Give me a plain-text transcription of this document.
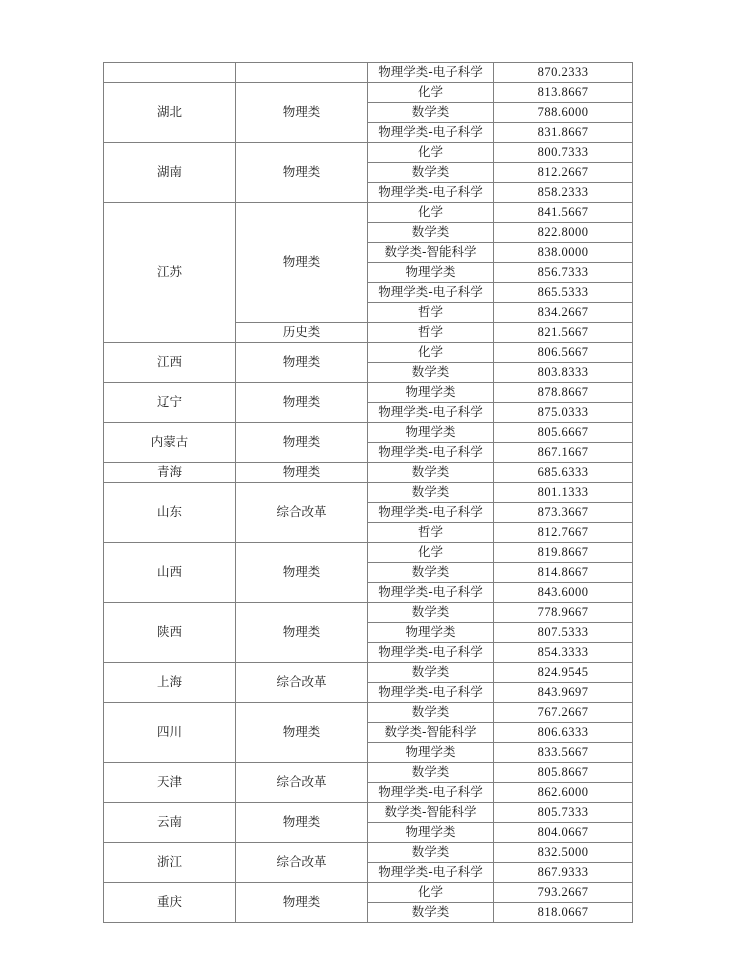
		物理学类-电子科学	870.2333
湖北	物理类	化学	813.8667
		数学类	788.6000
		物理学类-电子科学	831.8667
湖南	物理类	化学	800.7333
		数学类	812.2667
		物理学类-电子科学	858.2333
江苏	物理类	化学	841.5667
		数学类	822.8000
		数学类-智能科学	838.0000
		物理学类	856.7333
		物理学类-电子科学	865.5333
		哲学	834.2667
	历史类	哲学	821.5667
江西	物理类	化学	806.5667
		数学类	803.8333
辽宁	物理类	物理学类	878.8667
		物理学类-电子科学	875.0333
内蒙古	物理类	物理学类	805.6667
		物理学类-电子科学	867.1667
青海	物理类	数学类	685.6333
山东	综合改革	数学类	801.1333
		物理学类-电子科学	873.3667
		哲学	812.7667
山西	物理类	化学	819.8667
		数学类	814.8667
		物理学类-电子科学	843.6000
陕西	物理类	数学类	778.9667
		物理学类	807.5333
		物理学类-电子科学	854.3333
上海	综合改革	数学类	824.9545
		物理学类-电子科学	843.9697
四川	物理类	数学类	767.2667
		数学类-智能科学	806.6333
		物理学类	833.5667
天津	综合改革	数学类	805.8667
		物理学类-电子科学	862.6000
云南	物理类	数学类-智能科学	805.7333
		物理学类	804.0667
浙江	综合改革	数学类	832.5000
		物理学类-电子科学	867.9333
重庆	物理类	化学	793.2667
		数学类	818.0667
